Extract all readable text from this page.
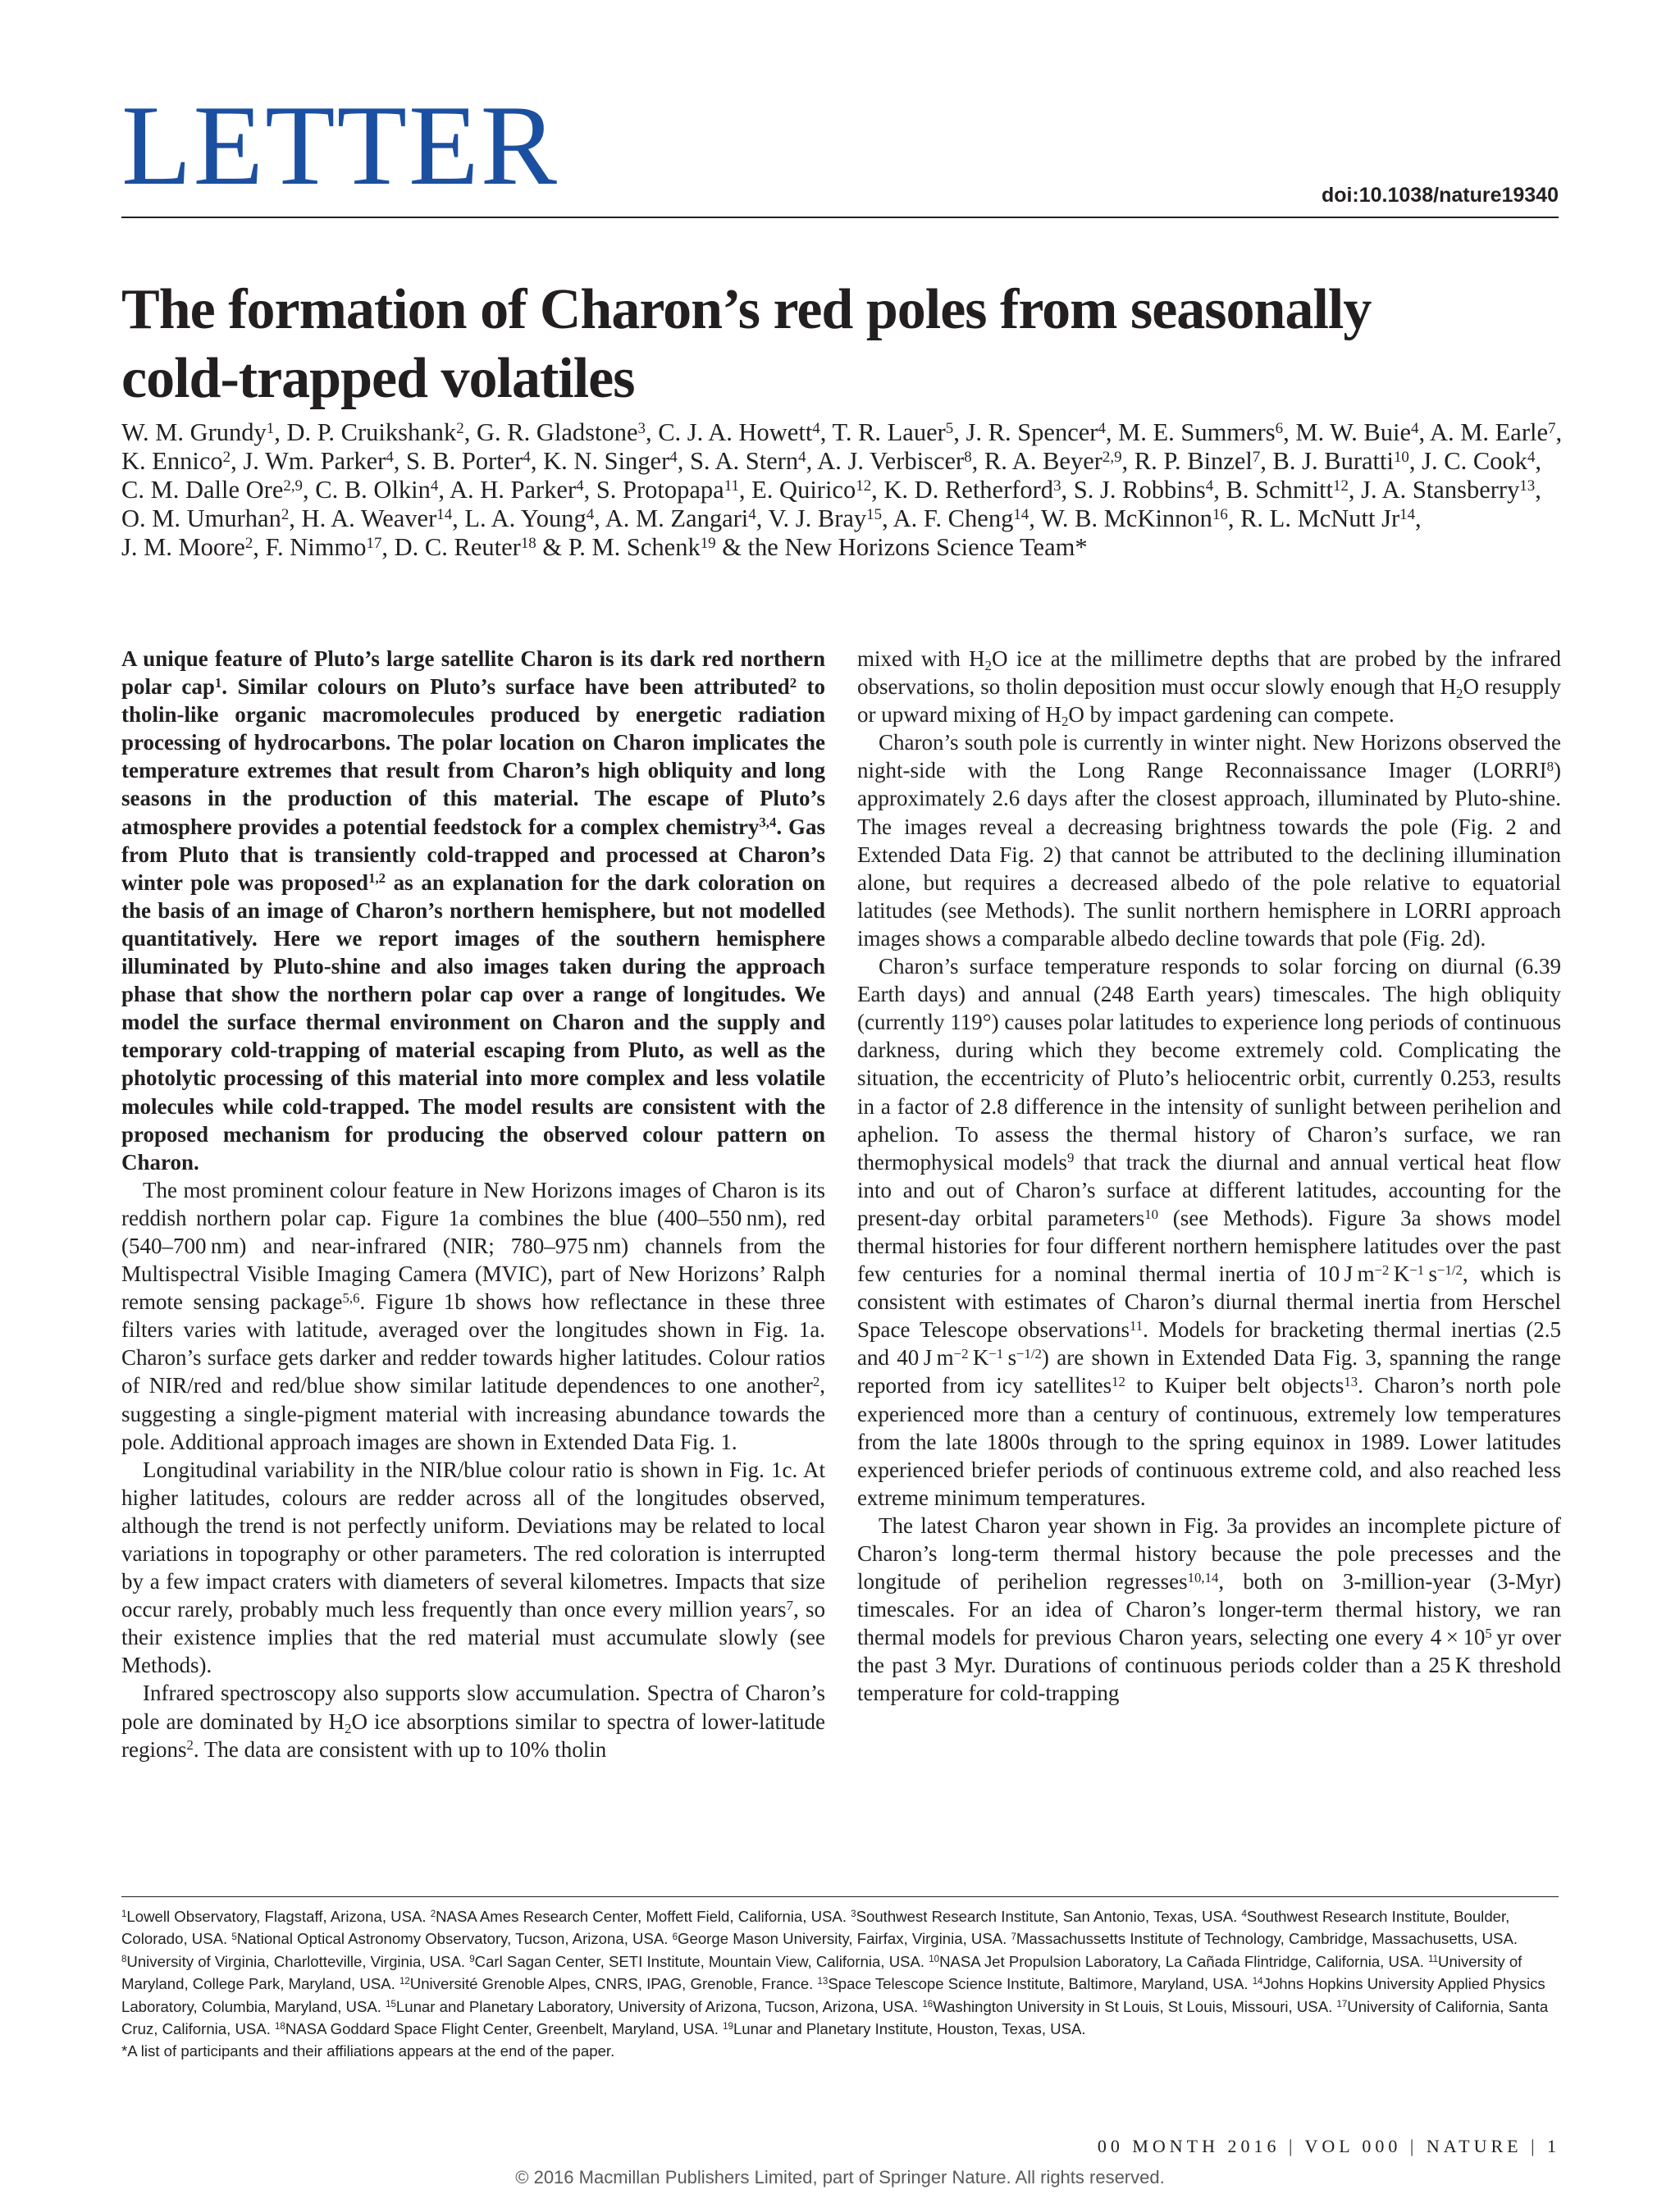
LETTER	doi:10.1038/nature19340
The formation of Charon’s red poles from seasonally
cold-trapped volatiles
W. M. Grundy$^1$, D. P. Cruikshank$^2$, G. R. Gladstone$^3$, C. J. A. Howett$^4$, T. R. Lauer$^5$, J. R. Spencer$^4$, M. E. Summers$^6$, M. W. Buie$^4$, A. M. Earle$^7$, K. Ennico$^2$, J. Wm. Parker$^4$, S. B. Porter$^4$, K. N. Singer$^4$, S. A. Stern$^4$, A. J. Verbiscer$^8$, R. A. Beyer$^{2,9}$, R. P. Binzel$^7$, B. J. Buratti$^{10}$, J. C. Cook$^4$, C. M. Dalle Ore$^{2,9}$, C. B. Olkin$^4$, A. H. Parker$^4$, S. Protopapa$^{11}$, E. Quirico$^{12}$, K. D. Retherford$^3$, S. J. Robbins$^4$, B. Schmitt$^{12}$, J. A. Stansberry$^{13}$, O. M. Umurhan$^2$, H. A. Weaver$^{14}$, L. A. Young$^4$, A. M. Zangari$^4$, V. J. Bray$^{15}$, A. F. Cheng$^{14}$, W. B. McKinnon$^{16}$, R. L. McNutt Jr$^{14}$, J. M. Moore$^2$, F. Nimmo$^{17}$, D. C. Reuter$^{18}$ & P. M. Schenk$^{19}$ & the New Horizons Science Team*

A unique feature of Pluto’s large satellite Charon is its dark red northern polar cap$^1$. Similar colours on Pluto’s surface have been attributed$^2$ to tholin-like organic macromolecules produced by energetic radiation processing of hydrocarbons. The polar location on Charon implicates the temperature extremes that result from Charon’s high obliquity and long seasons in the production of this material. The escape of Pluto’s atmosphere provides a potential feedstock for a complex chemistry$^{3,4}$. Gas from Pluto that is transiently cold-trapped and processed at Charon’s winter pole was proposed$^{1,2}$ as an explanation for the dark coloration on the basis of an image of Charon’s northern hemisphere, but not modelled quantitatively. Here we report images of the southern hemisphere illuminated by Pluto-shine and also images taken during the approach phase that show the northern polar cap over a range of longitudes. We model the surface thermal environment on Charon and the supply and temporary cold-trapping of material escaping from Pluto, as well as the photolytic processing of this material into more complex and less volatile molecules while cold-trapped. The model results are consistent with the proposed mechanism for producing the observed colour pattern on Charon.

The most prominent colour feature in New Horizons images of Charon is its reddish northern polar cap. Figure 1a combines the blue (400–550 nm), red (540–700 nm) and near-infrared (NIR; 780–975 nm) channels from the Multispectral Visible Imaging Camera (MVIC), part of New Horizons’ Ralph remote sensing package$^{5,6}$. Figure 1b shows how reflectance in these three filters varies with latitude, averaged over the longitudes shown in Fig. 1a. Charon’s surface gets darker and redder towards higher latitudes. Colour ratios of NIR/red and red/blue show similar latitude dependences to one another$^2$, suggesting a single-pigment material with increasing abundance towards the pole. Additional approach images are shown in Extended Data Fig. 1.

Longitudinal variability in the NIR/blue colour ratio is shown in Fig. 1c. At higher latitudes, colours are redder across all of the longitudes observed, although the trend is not perfectly uniform. Deviations may be related to local variations in topography or other parameters. The red coloration is interrupted by a few impact craters with diameters of several kilometres. Impacts that size occur rarely, probably much less frequently than once every million years$^7$, so their existence implies that the red material must accumulate slowly (see Methods).

Infrared spectroscopy also supports slow accumulation. Spectra of Charon’s pole are dominated by $H_2O$ ice absorptions similar to spectra of lower-latitude regions$^2$. The data are consistent with up to 10% tholin

mixed with $H_2O$ ice at the millimetre depths that are probed by the infrared observations, so tholin deposition must occur slowly enough that $H_2O$ resupply or upward mixing of $H_2O$ by impact gardening can compete.

Charon’s south pole is currently in winter night. New Horizons observed the night-side with the Long Range Reconnaissance Imager (LORRI$^8$) approximately 2.6 days after the closest approach, illuminated by Pluto-shine. The images reveal a decreasing brightness towards the pole (Fig. 2 and Extended Data Fig. 2) that cannot be attributed to the declining illumination alone, but requires a decreased albedo of the pole relative to equatorial latitudes (see Methods). The sunlit northern hemisphere in LORRI approach images shows a comparable albedo decline towards that pole (Fig. 2d).

Charon’s surface temperature responds to solar forcing on diurnal (6.39 Earth days) and annual (248 Earth years) timescales. The high obliquity (currently 119°) causes polar latitudes to experience long periods of continuous darkness, during which they become extremely cold. Complicating the situation, the eccentricity of Pluto’s heliocentric orbit, currently 0.253, results in a factor of 2.8 difference in the intensity of sunlight between perihelion and aphelion. To assess the thermal history of Charon’s surface, we ran thermophysical models$^9$ that track the diurnal and annual vertical heat flow into and out of Charon’s surface at different latitudes, accounting for the present-day orbital parameters$^{10}$ (see Methods). Figure 3a shows model thermal histories for four different northern hemisphere latitudes over the past few centuries for a nominal thermal inertia of 10 J $m^{-2}$ $K^{-1}$ $s^{-1/2}$, which is consistent with estimates of Charon’s diurnal thermal inertia from Herschel Space Telescope observations$^{11}$. Models for bracketing thermal inertias (2.5 and 40 J $m^{-2}$ $K^{-1}$ $s^{-1/2}$) are shown in Extended Data Fig. 3, spanning the range reported from icy satellites$^{12}$ to Kuiper belt objects$^{13}$. Charon’s north pole experienced more than a century of continuous, extremely low temperatures from the late 1800s through to the spring equinox in 1989. Lower latitudes experienced briefer periods of continuous extreme cold, and also reached less extreme minimum temperatures.

The latest Charon year shown in Fig. 3a provides an incomplete picture of Charon’s long-term thermal history because the pole precesses and the longitude of perihelion regresses$^{10,14}$, both on 3-million-year (3-Myr) timescales. For an idea of Charon’s longer-term thermal history, we ran thermal models for previous Charon years, selecting one every $4 \times 10^5$ yr over the past 3 Myr. Durations of continuous periods colder than a 25 K threshold temperature for cold-trapping

$^1$Lowell Observatory, Flagstaff, Arizona, USA. $^2$NASA Ames Research Center, Moffett Field, California, USA. $^3$Southwest Research Institute, San Antonio, Texas, USA. $^4$Southwest Research Institute, Boulder, Colorado, USA. $^5$National Optical Astronomy Observatory, Tucson, Arizona, USA. $^6$George Mason University, Fairfax, Virginia, USA. $^7$Massachussetts Institute of Technology, Cambridge, Massachusetts, USA. $^8$University of Virginia, Charlotteville, Virginia, USA. $^9$Carl Sagan Center, SETI Institute, Mountain View, California, USA. $^{10}$NASA Jet Propulsion Laboratory, La Cañada Flintridge, California, USA. $^{11}$University of Maryland, College Park, Maryland, USA. $^{12}$Université Grenoble Alpes, CNRS, IPAG, Grenoble, France. $^{13}$Space Telescope Science Institute, Baltimore, Maryland, USA. $^{14}$Johns Hopkins University Applied Physics Laboratory, Columbia, Maryland, USA. $^{15}$Lunar and Planetary Laboratory, University of Arizona, Tucson, Arizona, USA. $^{16}$Washington University in St Louis, St Louis, Missouri, USA. $^{17}$University of California, Santa Cruz, California, USA. $^{18}$NASA Goddard Space Flight Center, Greenbelt, Maryland, USA. $^{19}$Lunar and Planetary Institute, Houston, Texas, USA.

*A list of participants and their affiliations appears at the end of the paper.

00 MONTH 2016 | VOL 000 | NATURE | 1
© 2016 Macmillan Publishers Limited, part of Springer Nature. All rights reserved.
